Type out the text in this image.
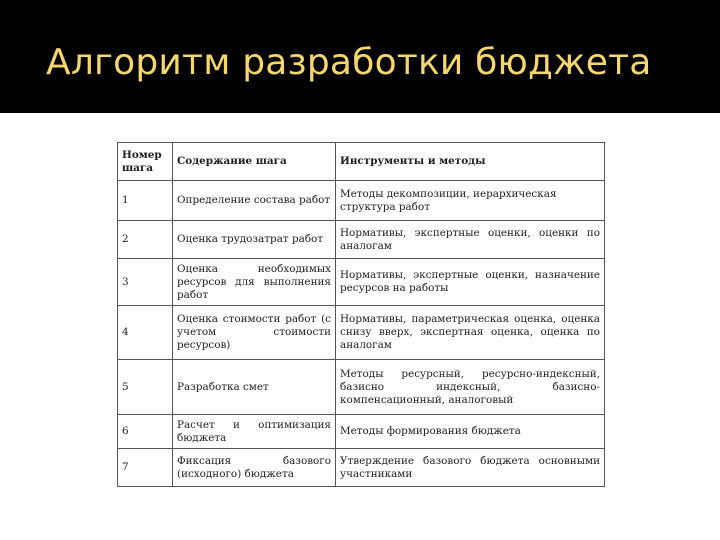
Алгоритм разработки бюджета
Номер шага	Содержание шага	Инструменты и методы
1	Определение состава работ	Методы декомпозиции, иерархическая структура работ
2	Оценка трудозатрат работ	Нормативы, экспертные оценки, оценки по аналогам
3	Оценка необходимых ресурсов для выполнения работ	Нормативы, экспертные оценки, назначение ресурсов на работы
4	Оценка стоимости работ (с учетом стоимости ресурсов)	Нормативы, параметрическая оценка, оценка снизу вверх, экспертная оценка, оценка по аналогам
5	Разработка смет	Методы ресурсный, ресурсно-индексный, базисно индексный, базисно-компенсационный, аналоговый
6	Расчет и оптимизация бюджета	Методы формирования бюджета
7	Фиксация базового (исходного) бюджета	Утверждение базового бюджета основными участниками
